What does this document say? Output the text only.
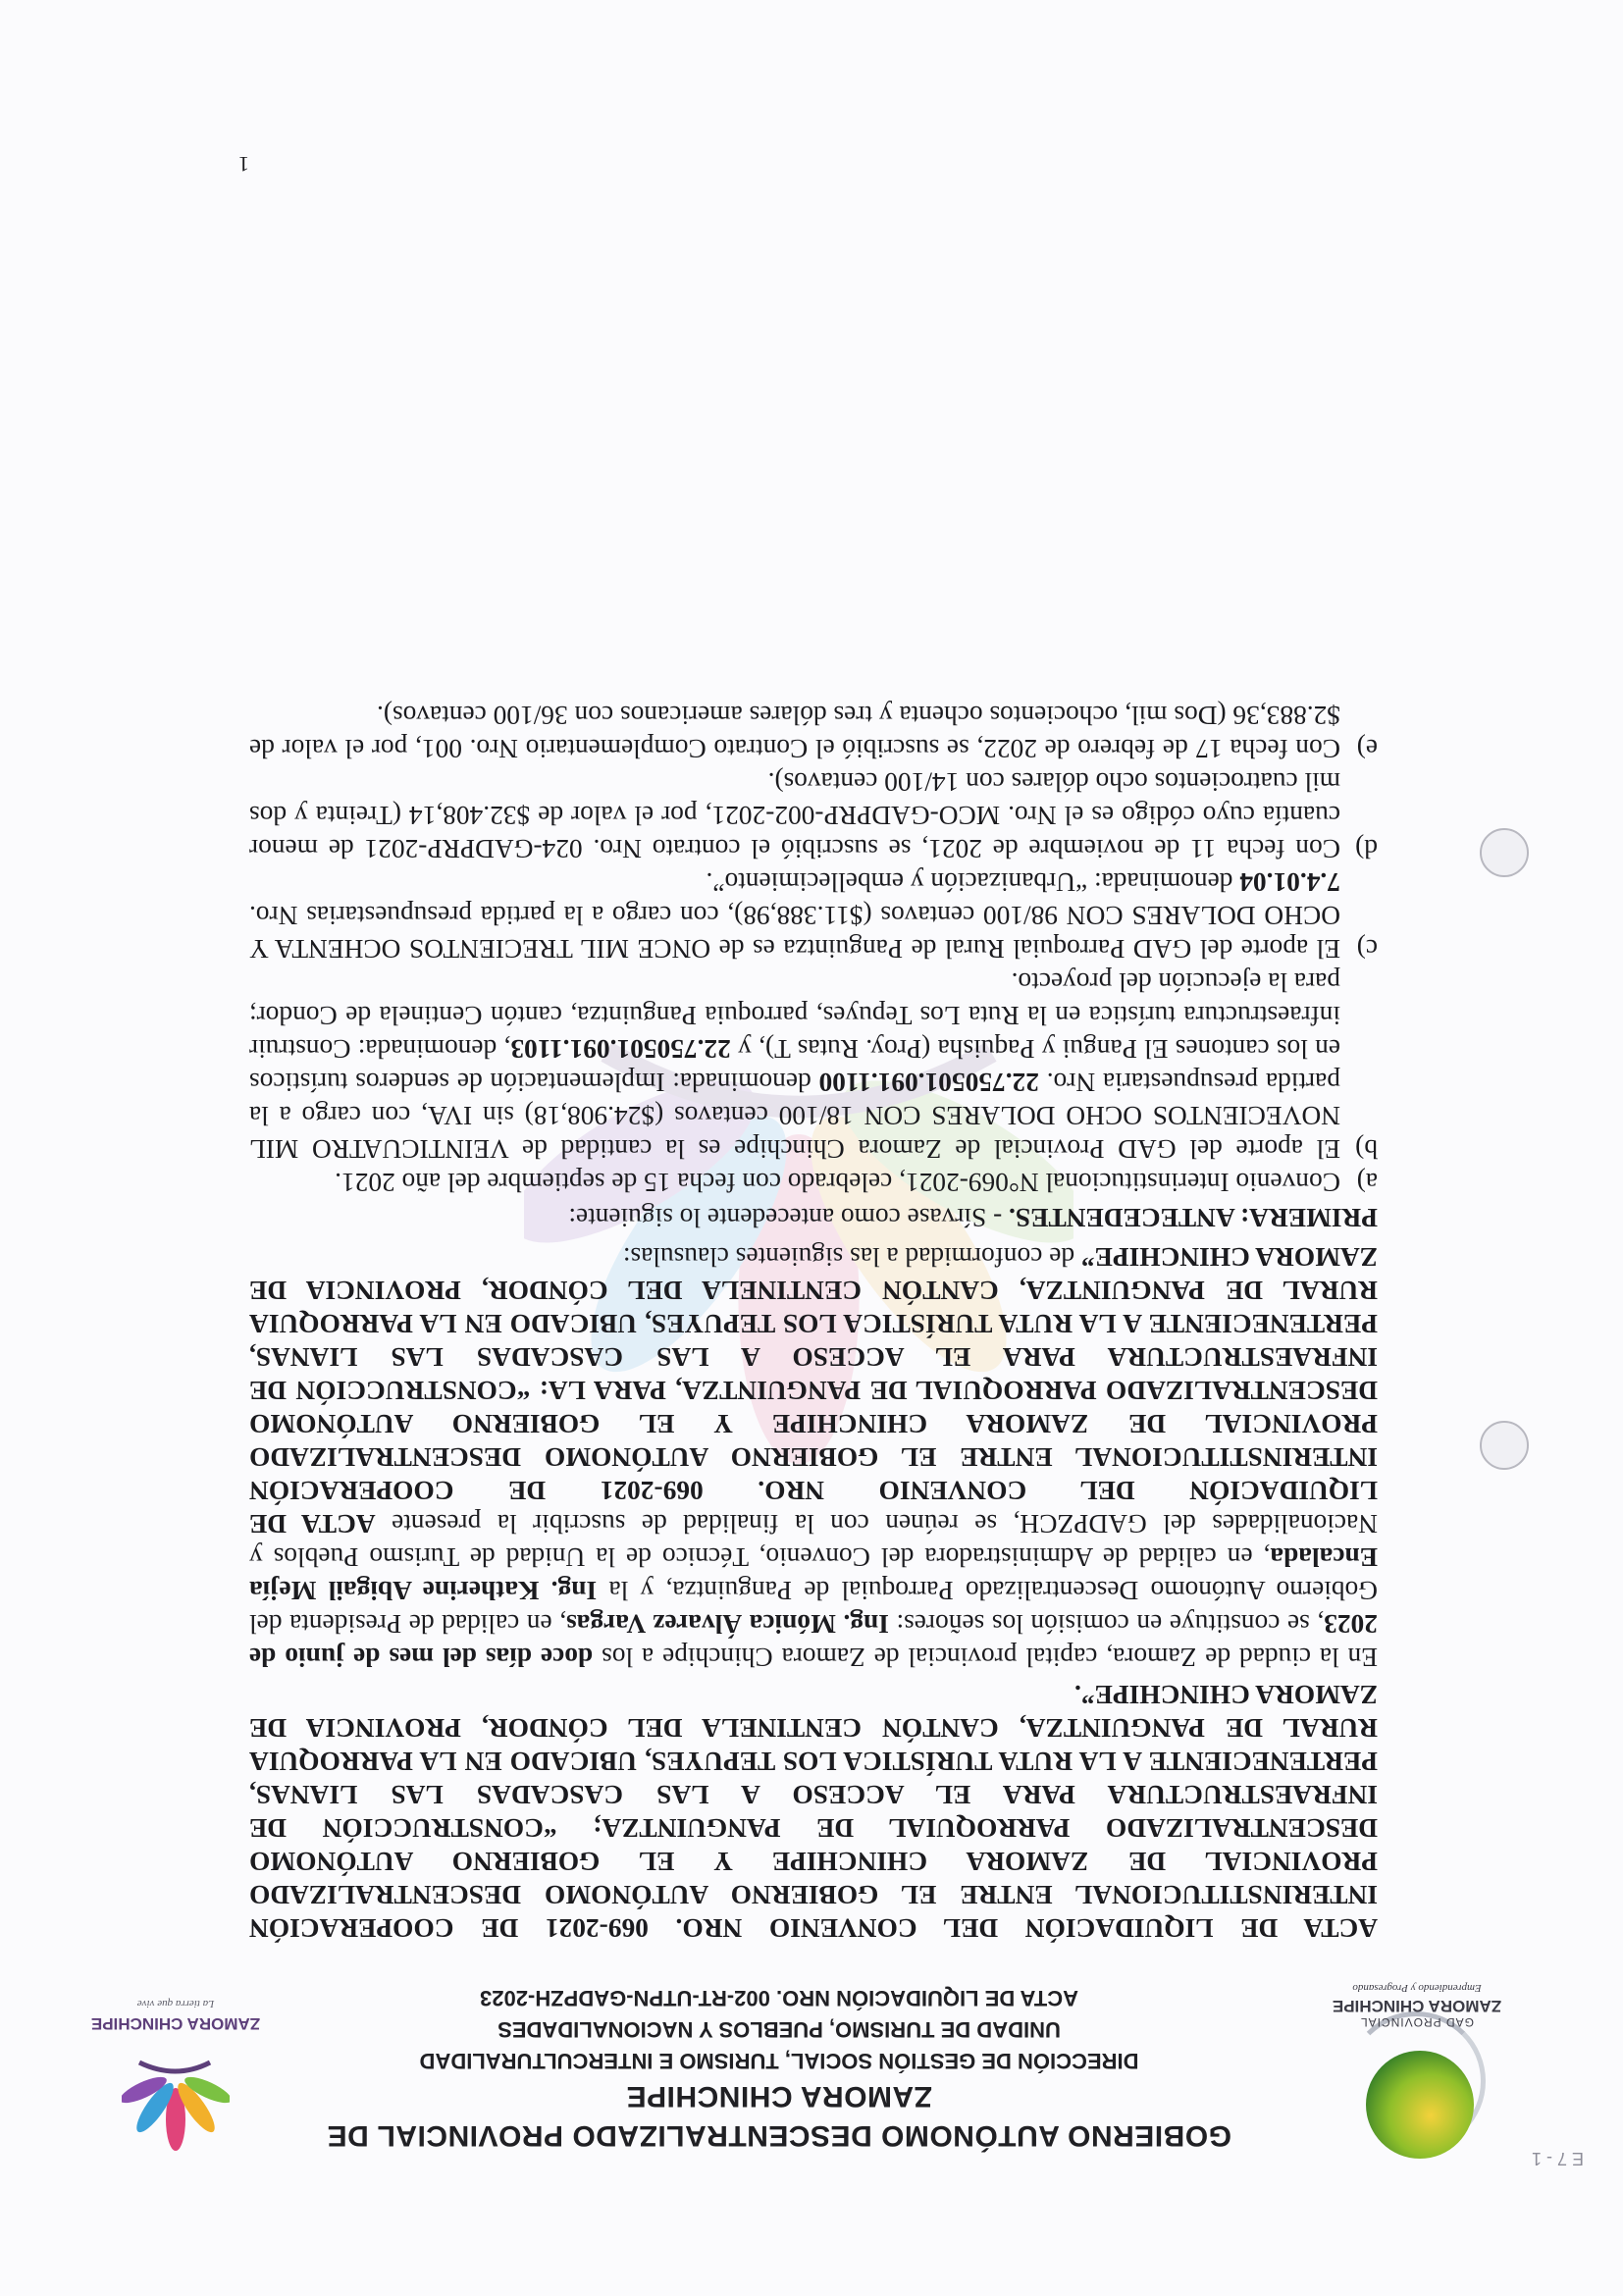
E 7 - 1
GAD PROVINCIAL
ZAMORA CHINCHIPE
Emprendiendo y Progresando
GOBIERNO AUTÓNOMO DESCENTRALIZADO PROVINCIAL DE ZAMORA CHINCHIPE
DIRECCIÓN DE GESTIÓN SOCIAL, TURISMO E INTERCULTURALIDAD
UNIDAD DE TURISMO, PUEBLOS Y NACIONALIDADES
ACTA DE LIQUIDACIÓN NRO. 002-RT-UTPN-GADPZH-2023
ZAMORA CHINCHIPE
La tierra que vive

ACTA DE LIQUIDACIÓN DEL CONVENIO NRO. 069-2021 DE COOPERACIÓN INTERINSTITUCIONAL ENTRE EL GOBIERNO AUTÓNOMO DESCENTRALIZADO PROVINCIAL DE ZAMORA CHINCHIPE Y EL GOBIERNO AUTÓNOMO DESCENTRALIZADO PARROQUIAL DE PANGUINTZA; “CONSTRUCCIÓN DE INFRAESTRUCTURA PARA EL ACCESO A LAS CASCADAS LAS LIANAS, PERTENECIENTE A LA RUTA TURÍSTICA LOS TEPUYES, UBICADO EN LA PARROQUIA RURAL DE PANGUINTZA, CANTÓN CENTINELA DEL CÓNDOR, PROVINCIA DE ZAMORA CHINCHIPE”.

En la ciudad de Zamora, capital provincial de Zamora Chinchipe a los doce días del mes de junio de 2023, se constituye en comisión los señores: Ing. Mónica Álvarez Vargas, en calidad de Presidenta del Gobierno Autónomo Descentralizado Parroquial de Panguintza, y la Ing. Katherine Abigail Mejía Encalada, en calidad de Administradora del Convenio, Técnico de la Unidad de Turismo Pueblos y Nacionalidades del GADPZCH, se reúnen con la finalidad de suscribir la presente ACTA DE LIQUIDACIÓN DEL CONVENIO NRO. 069-2021 DE COOPERACIÓN INTERINSTITUCIONAL ENTRE EL GOBIERNO AUTÓNOMO DESCENTRALIZADO PROVINCIAL DE ZAMORA CHINCHIPE Y EL GOBIERNO AUTÓNOMO DESCENTRALIZADO PARROQUIAL DE PANGUINTZA, PARA LA: “CONSTRUCCIÓN DE INFRAESTRUCTURA PARA EL ACCESO A LAS CASCADAS LAS LIANAS, PERTENECIENTE A LA RUTA TURÍSTICA LOS TEPUYES, UBICADO EN LA PARROQUIA RURAL DE PANGUINTZA, CANTÓN CENTINELA DEL CÓNDOR, PROVINCIA DE ZAMORA CHINCHIPE” de conformidad a las siguientes clausulas:

PRIMERA: ANTECEDENTES. - Sírvase como antecedente lo siguiente:

a)
Convenio Interinstitucional N°069-2021, celebrado con fecha 15 de septiembre del año 2021.

b)
El aporte del GAD Provincial de Zamora Chinchipe es la cantidad de VEINTICUATRO MIL NOVECIENTOS OCHO DOLARES CON 18/100 centavos ($24.908,18) sin IVA, con cargo a la partida presupuestaria Nro. 22.750501.091.1100 denominada: Implementación de senderos turísticos en los cantones El Pangui y Paquisha (Proy. Rutas T), y 22.750501.091.1103, denominada: Construir infraestructura turística en la Ruta Los Tepuyes, parroquia Panguintza, cantón Centinela de Condor; para la ejecución del proyecto.

c)
El aporte del GAD Parroquial Rural de Panguintza es de ONCE MIL TRECIENTOS OCHENTA Y OCHO DOLARES CON 98/100 centavos ($11.388,98), con cargo a la partida presupuestarias Nro. 7.4.01.04 denominada: “Urbanización y embellecimiento”.

d)
Con fecha 11 de noviembre de 2021, se suscribió el contrato Nro. 024-GADPRP-2021 de menor cuantía cuyo código es el Nro. MCO-GADPRP-002-2021, por el valor de $32.408,14 (Treinta y dos mil cuatrocientos ocho dólares con 14/100 centavos).

e)
Con fecha 17 de febrero de 2022, se suscribió el Contrato Complementario Nro. 001, por el valor de $2.883,36 (Dos mil, ochocientos ochenta y tres dólares americanos con 36/100 centavos).

1
